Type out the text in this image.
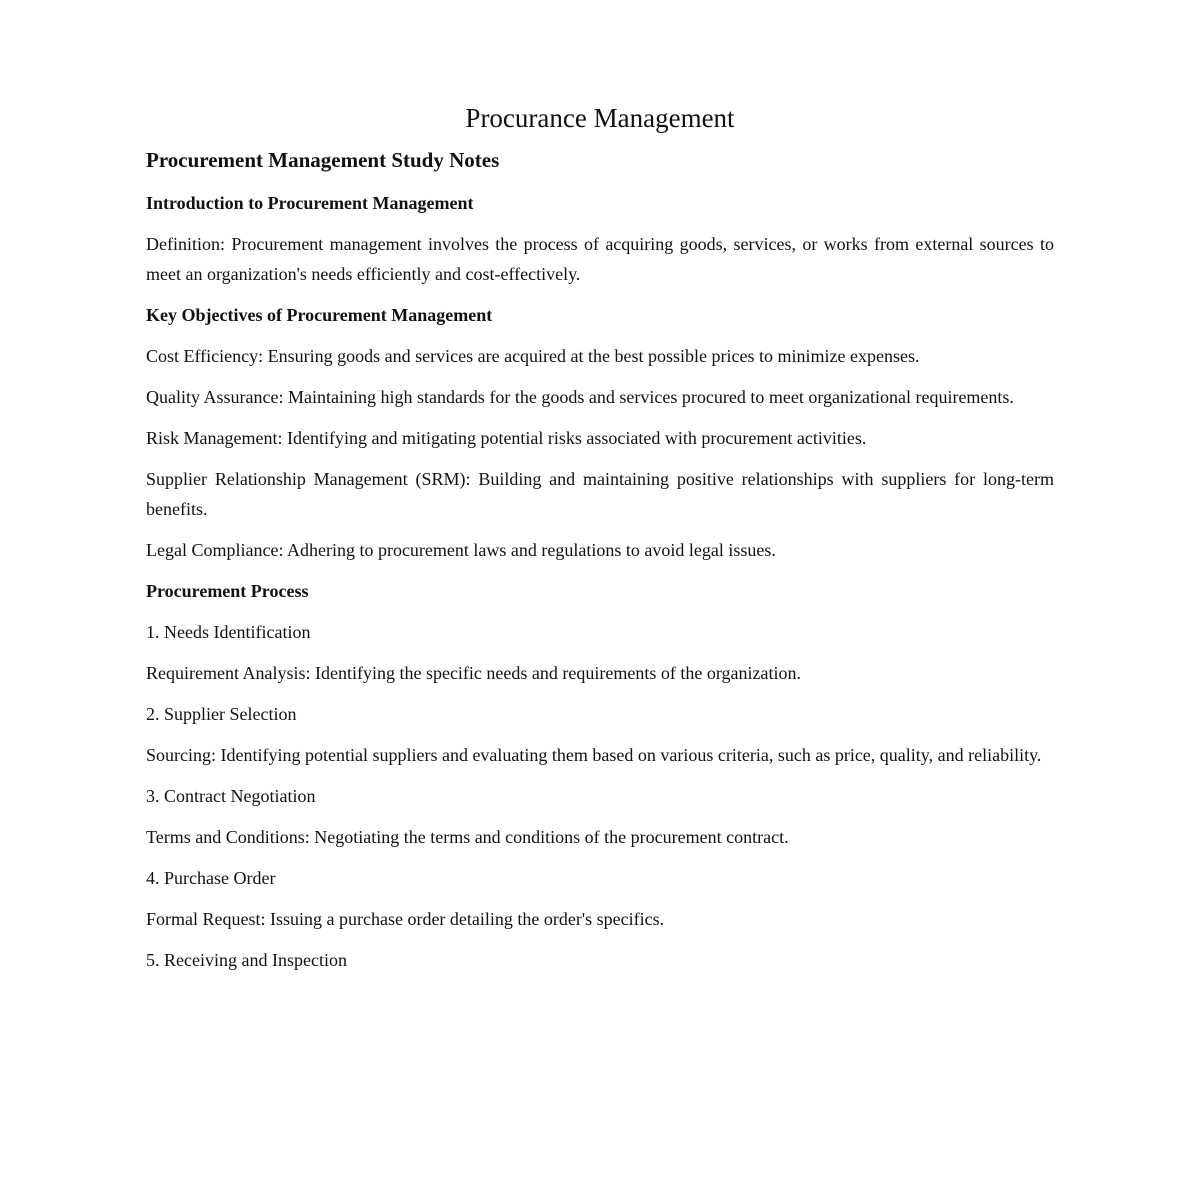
Procurance Management
Procurement Management Study Notes
Introduction to Procurement Management
Definition: Procurement management involves the process of acquiring goods, services, or works from external sources to meet an organization's needs efficiently and cost-effectively.
Key Objectives of Procurement Management
Cost Efficiency: Ensuring goods and services are acquired at the best possible prices to minimize expenses.
Quality Assurance: Maintaining high standards for the goods and services procured to meet organizational requirements.
Risk Management: Identifying and mitigating potential risks associated with procurement activities.
Supplier Relationship Management (SRM): Building and maintaining positive relationships with suppliers for long-term benefits.
Legal Compliance: Adhering to procurement laws and regulations to avoid legal issues.
Procurement Process
1. Needs Identification
Requirement Analysis: Identifying the specific needs and requirements of the organization.
2. Supplier Selection
Sourcing: Identifying potential suppliers and evaluating them based on various criteria, such as price, quality, and reliability.
3. Contract Negotiation
Terms and Conditions: Negotiating the terms and conditions of the procurement contract.
4. Purchase Order
Formal Request: Issuing a purchase order detailing the order's specifics.
5. Receiving and Inspection
